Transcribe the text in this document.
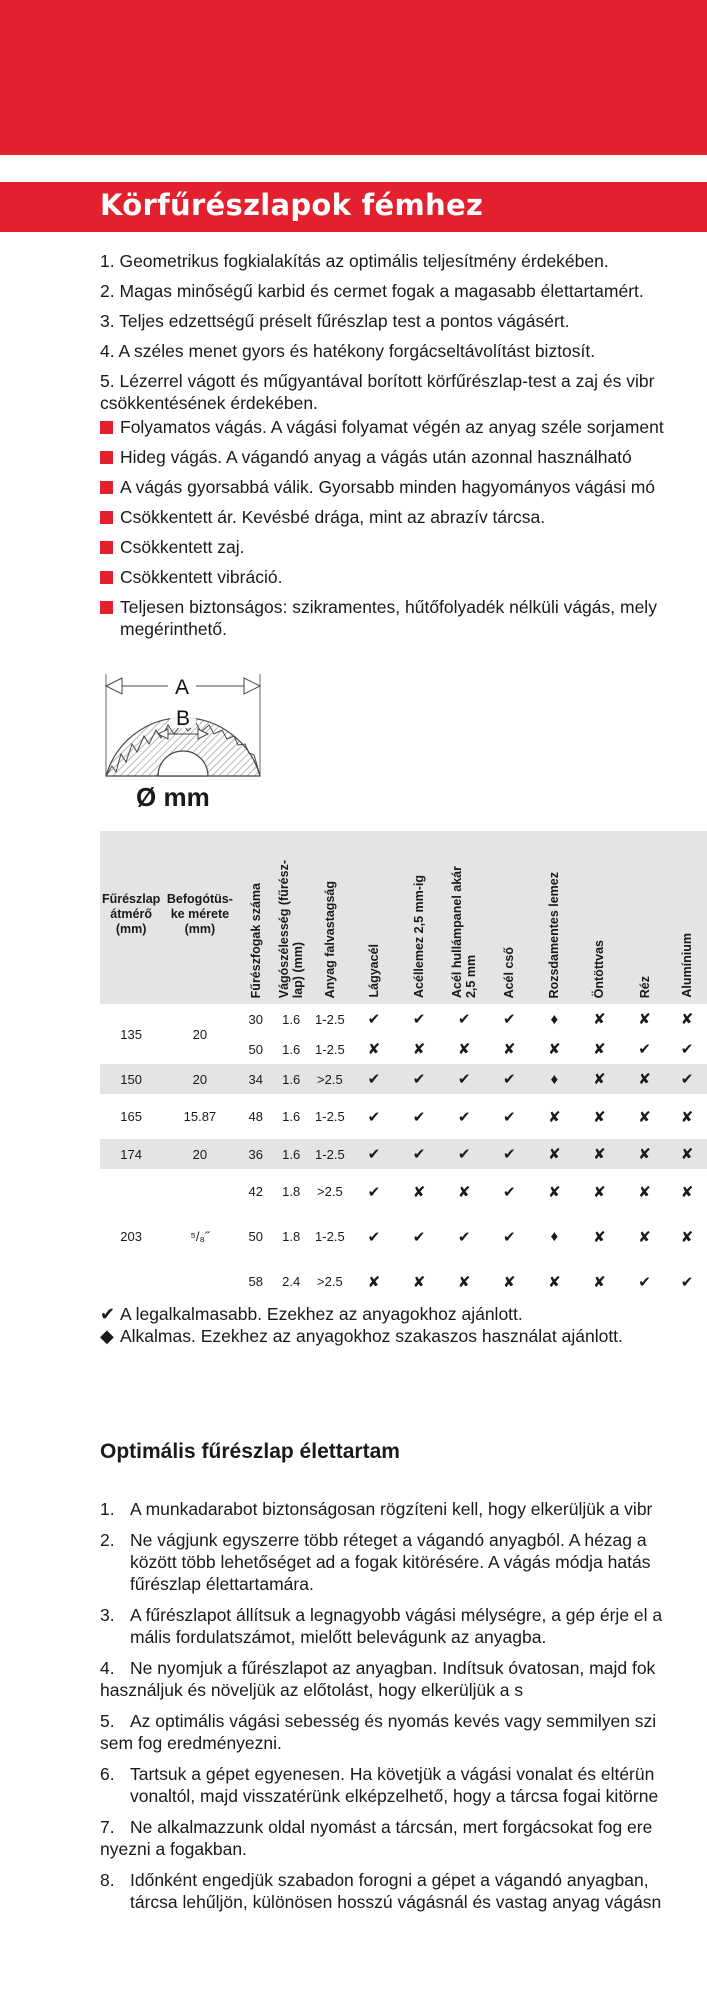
Körfűrészlapok fémhez
1. Geometrikus fogkialakítás az optimális teljesítmény érdekében.
2. Magas minőségű karbid és cermet fogak a magasabb élettartamért.
3. Teljes edzettségű préselt fűrészlap test a pontos vágásért.
4. A széles menet gyors és hatékony forgácseltávolítást biztosít.
5. Lézerrel vágott és műgyantával borított körfűrészlap-test a zaj és vibr
csökkentésének érdekében.
Folyamatos vágás. A vágási folyamat végén az anyag széle sorjament
Hideg vágás. A vágandó anyag a vágás után azonnal használható
A vágás gyorsabbá válik. Gyorsabb minden hagyományos vágási mó
Csökkentett ár. Kevésbé drága, mint az abrazív tárcsa.
Csökkentett zaj.
Csökkentett vibráció.
Teljesen biztonságos: szikramentes, hűtőfolyadék nélküli vágás, mely
megérinthető.
A
B
Ø mm
Fűrészlap
átmérő
(mm)	Befogótüs-
ke mérete
(mm)	Fűrészfogak száma	Vágószélesség (fűrész-
lap) (mm)	Anyag falvastagság	Lágyacél	Acéllemez 2,5 mm-ig	Acél hullámpanel akár
2,5 mm	Acél cső	Rozsdamentes lemez	Öntöttvas	Réz	Alumínium

135	20	30	1.6	1-2.5	✔	✔	✔	✔	♦	✘	✘	✘
		50	1.6	1-2.5	✘	✘	✘	✘	✘	✘	✔	✔
150	20	34	1.6	>2.5	✔	✔	✔	✔	♦	✘	✘	✔
165	15.87	48	1.6	1-2.5	✔	✔	✔	✔	✘	✘	✘	✘
174	20	36	1.6	1-2.5	✔	✔	✔	✔	✘	✘	✘	✘
203	⁵/₈˝	42	1.8	>2.5	✔	✘	✘	✔	✘	✘	✘	✘
		50	1.8	1-2.5	✔	✔	✔	✔	♦	✘	✘	✘
		58	2.4	>2.5	✘	✘	✘	✘	✘	✘	✔	✔
✔ A legalkalmasabb. Ezekhez az anyagokhoz ajánlott.
◆ Alkalmas. Ezekhez az anyagokhoz szakaszos használat ajánlott.
Optimális fűrészlap élettartam
1. A munkadarabot biztonságosan rögzíteni kell, hogy elkerüljük a vibr
2. Ne vágjunk egyszerre több réteget a vágandó anyagból. A hézag a
között több lehetőséget ad a fogak kitörésére. A vágás módja hatás
fűrészlap élettartamára.
3. A fűrészlapot állítsuk a legnagyobb vágási mélységre, a gép érje el a
mális fordulatszámot, mielőtt belevágunk az anyagba.
4. Ne nyomjuk a fűrészlapot az anyagban. Indítsuk óvatosan, majd fok
használjuk és növeljük az előtolást, hogy elkerüljük a s
5. Az optimális vágási sebesség és nyomás kevés vagy semmilyen szi
sem fog eredményezni.
6. Tartsuk a gépet egyenesen. Ha követjük a vágási vonalat és eltérün
vonaltól, majd visszatérünk elképzelhető, hogy a tárcsa fogai kitörne
7. Ne alkalmazzunk oldal nyomást a tárcsán, mert forgácsokat fog ere
nyezni a fogakban.
8. Időnként engedjük szabadon forogni a gépet a vágandó anyagban,
tárcsa lehűljön, különösen hosszú vágásnál és vastag anyag vágásn
